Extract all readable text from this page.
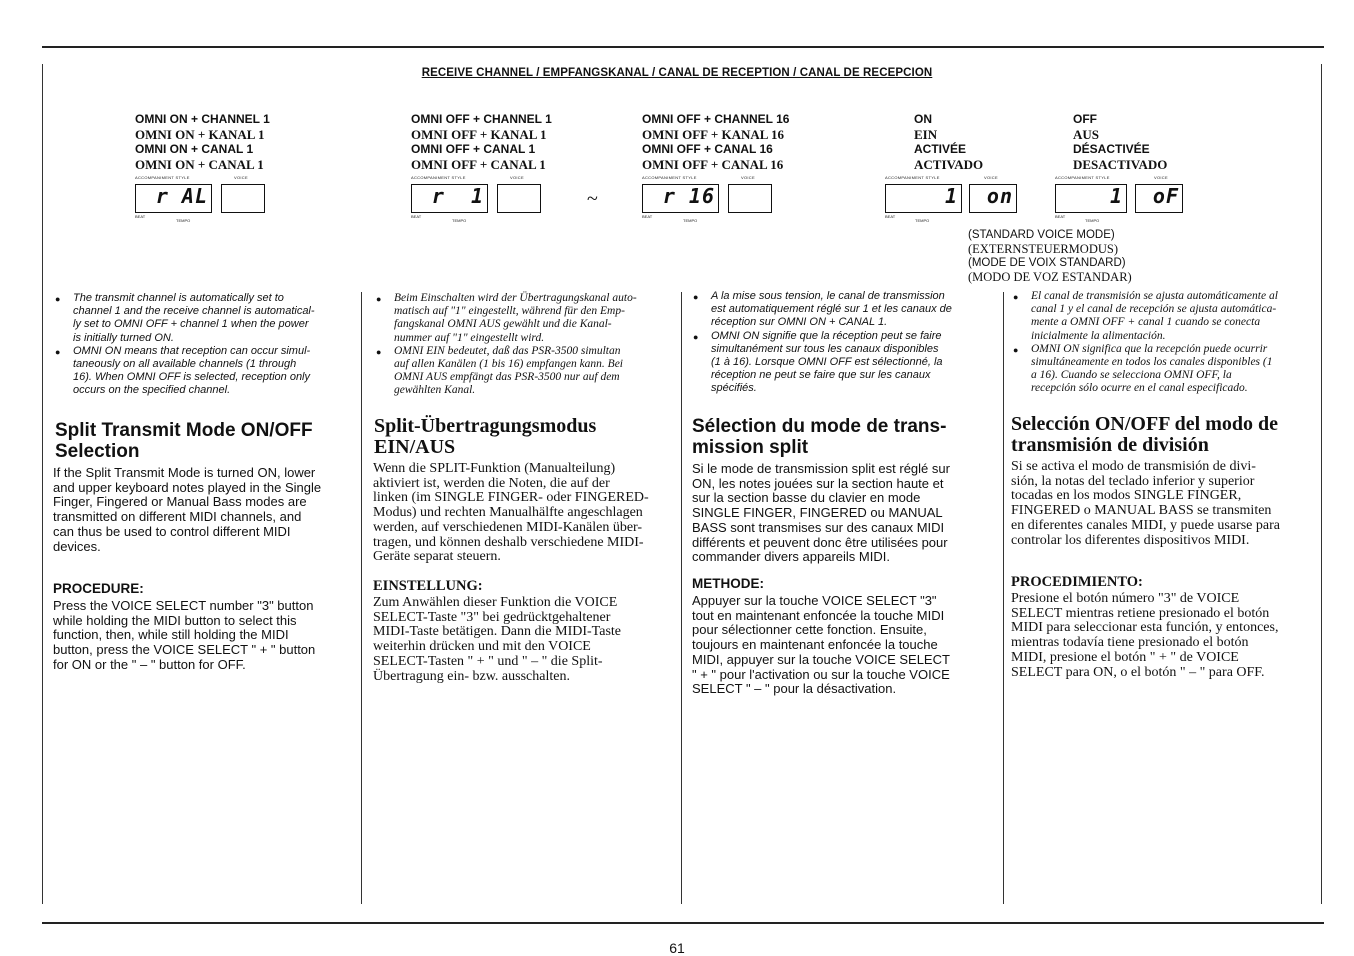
RECEIVE CHANNEL / EMPFANGSKANAL / CANAL DE RECEPTION / CANAL DE RECEPCION
OMNI ON + CHANNEL 1
OMNI ON + KANAL 1
OMNI ON + CANAL 1
OMNI ON + CANAL 1
OMNI OFF + CHANNEL 1
OMNI OFF + KANAL 1
OMNI OFF + CANAL 1
OMNI OFF + CANAL 1
OMNI OFF + CHANNEL 16
OMNI OFF + KANAL 16
OMNI OFF + CANAL 16
OMNI OFF + CANAL 16
ON
EIN
ACTIVÉE
ACTIVADO
OFF
AUS
DÉSACTIVÉE
DESACTIVADO
ACCOMPANIMENT STYLE	VOICE
r AL
BEAT
TEMPO
ACCOMPANIMENT STYLE	VOICE
r  1
BEAT
TEMPO
~
ACCOMPANIMENT STYLE	VOICE
r 16
BEAT
TEMPO
ACCOMPANIMENT STYLE	VOICE
1	on
BEAT
TEMPO
ACCOMPANIMENT STYLE	VOICE
1	oF
BEAT
TEMPO
(STANDARD VOICE MODE)
(EXTERNSTEUERMODUS)
(MODE DE VOIX STANDARD)
(MODO DE VOZ ESTANDAR)
● The transmit channel is automatically set to
channel 1 and the receive channel is automatical-
ly set to OMNI OFF + channel 1 when the power
is initially turned ON.
● OMNI ON means that reception can occur simul-
taneously on all available channels (1 through
16). When OMNI OFF is selected, reception only
occurs on the specified channel.
Split Transmit Mode ON/OFF
Selection
If the Split Transmit Mode is turned ON, lower
and upper keyboard notes played in the Single
Finger, Fingered or Manual Bass modes are
transmitted on different MIDI channels, and
can thus be used to control different MIDI
devices.
PROCEDURE:
Press the VOICE SELECT number "3" button
while holding the MIDI button to select this
function, then, while still holding the MIDI
button, press the VOICE SELECT " + " button
for ON or the " – " button for OFF.
● Beim Einschalten wird der Übertragungskanal auto-
matisch auf "1" eingestellt, während für den Emp-
fangskanal OMNI AUS gewählt und die Kanal-
nummer auf "1" eingestellt wird.
● OMNI EIN bedeutet, daß das PSR-3500 simultan
auf allen Kanälen (1 bis 16) empfangen kann. Bei
OMNI AUS empfängt das PSR-3500 nur auf dem
gewählten Kanal.
Split-Übertragungsmodus
EIN/AUS
Wenn die SPLIT-Funktion (Manualteilung)
aktiviert ist, werden die Noten, die auf der
linken (im SINGLE FINGER- oder FINGERED-
Modus) und rechten Manualhälfte angeschlagen
werden, auf verschiedenen MIDI-Kanälen über-
tragen, und können deshalb verschiedene MIDI-
Geräte separat steuern.
EINSTELLUNG:
Zum Anwählen dieser Funktion die VOICE
SELECT-Taste "3" bei gedrücktgehaltener
MIDI-Taste betätigen. Dann die MIDI-Taste
weiterhin drücken und mit den VOICE
SELECT-Tasten " + " und " – " die Split-
Übertragung ein- bzw. ausschalten.
● A la mise sous tension, le canal de transmission
est automatiquement réglé sur 1 et les canaux de
réception sur OMNI ON + CANAL 1.
● OMNI ON signifie que la réception peut se faire
simultanément sur tous les canaux disponibles
(1 à 16). Lorsque OMNI OFF est sélectionné, la
réception ne peut se faire que sur les canaux
spécifiés.
Sélection du mode de trans-
mission split
Si le mode de transmission split est réglé sur
ON, les notes jouées sur la section haute et
sur la section basse du clavier en mode
SINGLE FINGER, FINGERED ou MANUAL
BASS sont transmises sur des canaux MIDI
différents et peuvent donc être utilisées pour
commander divers appareils MIDI.
METHODE:
Appuyer sur la touche VOICE SELECT "3"
tout en maintenant enfoncée la touche MIDI
pour sélectionner cette fonction. Ensuite,
toujours en maintenant enfoncée la touche
MIDI, appuyer sur la touche VOICE SELECT
" + " pour l'activation ou sur la touche VOICE
SELECT " – " pour la désactivation.
● El canal de transmisión se ajusta automáticamente al
canal 1 y el canal de recepción se ajusta automática-
mente a OMNI OFF + canal 1 cuando se conecta
inicialmente la alimentación.
● OMNI ON significa que la recepción puede ocurrir
simultáneamente en todos los canales disponibles (1
a 16). Cuando se selecciona OMNI OFF, la
recepción sólo ocurre en el canal especificado.
Selección ON/OFF del modo de
transmisión de división
Si se activa el modo de transmisión de divi-
sión, la notas del teclado inferior y superior
tocadas en los modos SINGLE FINGER,
FINGERED o MANUAL BASS se transmiten
en diferentes canales MIDI, y puede usarse para
controlar los diferentes dispositivos MIDI.
PROCEDIMIENTO:
Presione el botón número "3" de VOICE
SELECT mientras retiene presionado el botón
MIDI para seleccionar esta función, y entonces,
mientras todavía tiene presionado el botón
MIDI, presione el botón " + " de VOICE
SELECT para ON, o el botón " – " para OFF.
61
